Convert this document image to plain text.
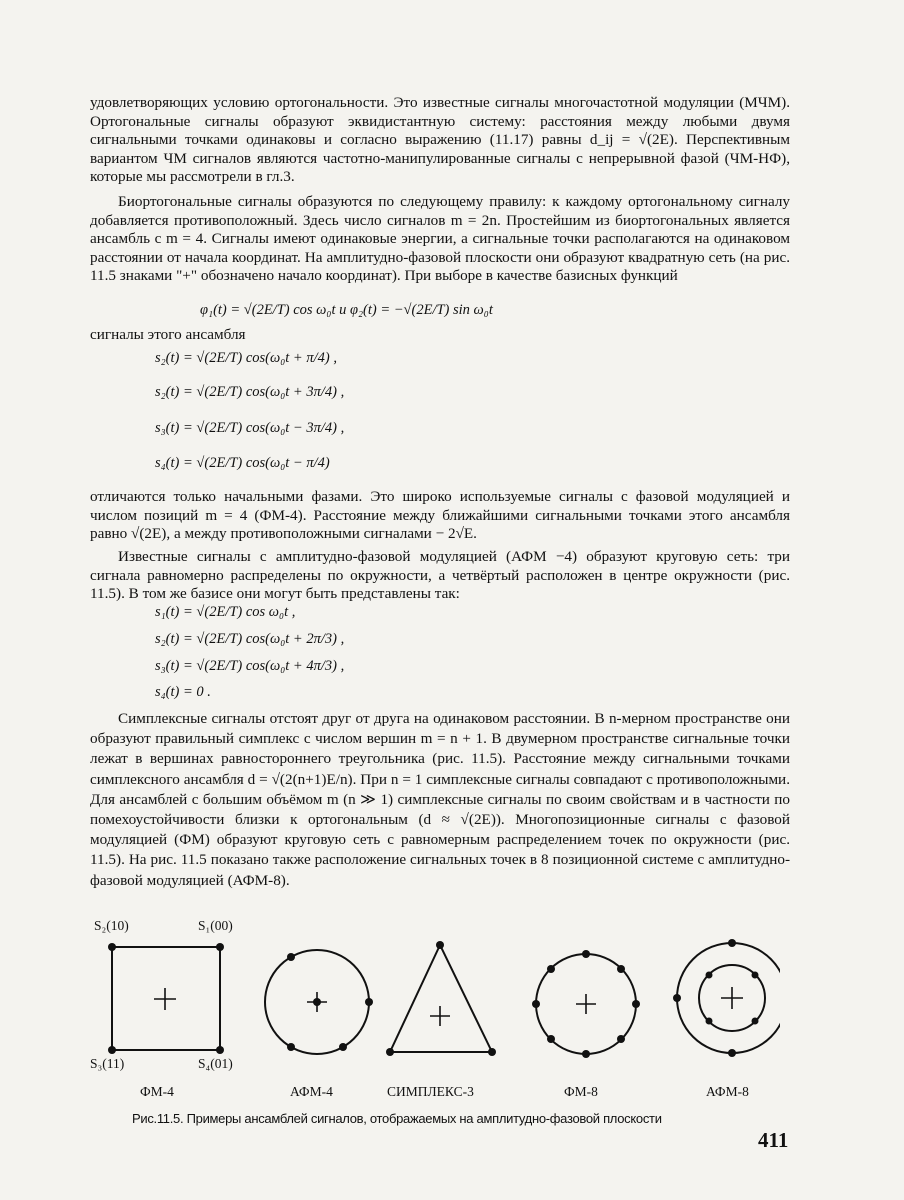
удовлетворяющих условию ортогональности. Это известные сигналы многочастотной модуляции (МЧМ). Ортогональные сигналы образуют эквидистантную систему: расстояния между любыми двумя сигнальными точками одинаковы и согласно выражению (11.17) равны d_ij = √(2E). Перспективным вариантом ЧМ сигналов являются частотно-манипулированные сигналы с непрерывной фазой (ЧМ-НФ), которые мы рассмотрели в гл.3.
Биортогональные сигналы образуются по следующему правилу: к каждому ортогональному сигналу добавляется противоположный. Здесь число сигналов m = 2n. Простейшим из биортогональных является ансамбль с m = 4. Сигналы имеют одинаковые энергии, а сигнальные точки располагаются на одинаковом расстоянии от начала координат. На амплитудно-фазовой плоскости они образуют квадратную сеть (на рис. 11.5 знаками "+" обозначено начало координат). При выборе в качестве базисных функций
φ₁(t) = √(2E/T) cos ω₀t и φ₂(t) = −√(2E/T) sin ω₀t
сигналы этого ансамбля
s₂(t) = √(2E/T) cos(ω₀t + π/4) ,
s₂(t) = √(2E/T) cos(ω₀t + 3π/4) ,
s₃(t) = √(2E/T) cos(ω₀t − 3π/4) ,
s₄(t) = √(2E/T) cos(ω₀t − π/4)
отличаются только начальными фазами. Это широко используемые сигналы с фазовой модуляцией и числом позиций m = 4 (ФМ-4). Расстояние между ближайшими сигнальными точками этого ансамбля равно √(2E), а между противоположными сигналами − 2√E.
Известные сигналы с амплитудно-фазовой модуляцией (АФМ −4) образуют круговую сеть: три сигнала равномерно распределены по окружности, а четвёртый расположен в центре окружности (рис. 11.5). В том же базисе они могут быть представлены так:
s₁(t) = √(2E/T) cos ω₀t ,
s₂(t) = √(2E/T) cos(ω₀t + 2π/3) ,
s₃(t) = √(2E/T) cos(ω₀t + 4π/3) ,
s₄(t) = 0 .
Симплексные сигналы отстоят друг от друга на одинаковом расстоянии. В n-мерном пространстве они образуют правильный симплекс с числом вершин m = n + 1. В двумерном пространстве сигнальные точки лежат в вершинах равностороннего треугольника (рис. 11.5). Расстояние между сигнальными точками симплексного ансамбля d = √(2(n+1)E/n). При n = 1 симплексные сигналы совпадают с противоположными. Для ансамблей с большим объёмом m (n ≫ 1) симплексные сигналы по своим свойствам и в частности по помехоустойчивости близки к ортогональным (d ≈ √(2E)). Многопозиционные сигналы с фазовой модуляцией (ФМ) образуют круговую сеть с равномерным распределением точек по окружности (рис. 11.5). На рис. 11.5 показано также расположение сигнальных точек в 8 позиционной системе с амплитудно-фазовой модуляцией (АФМ-8).
S₂(10)	S₁(00)
S₃(11)	S₄(01)
ФМ-4	АФМ-4	СИМПЛЕКС-3	ФМ-8	АФМ-8
Рис.11.5. Примеры ансамблей сигналов, отображаемых на амплитудно-фазовой плоскости
411
